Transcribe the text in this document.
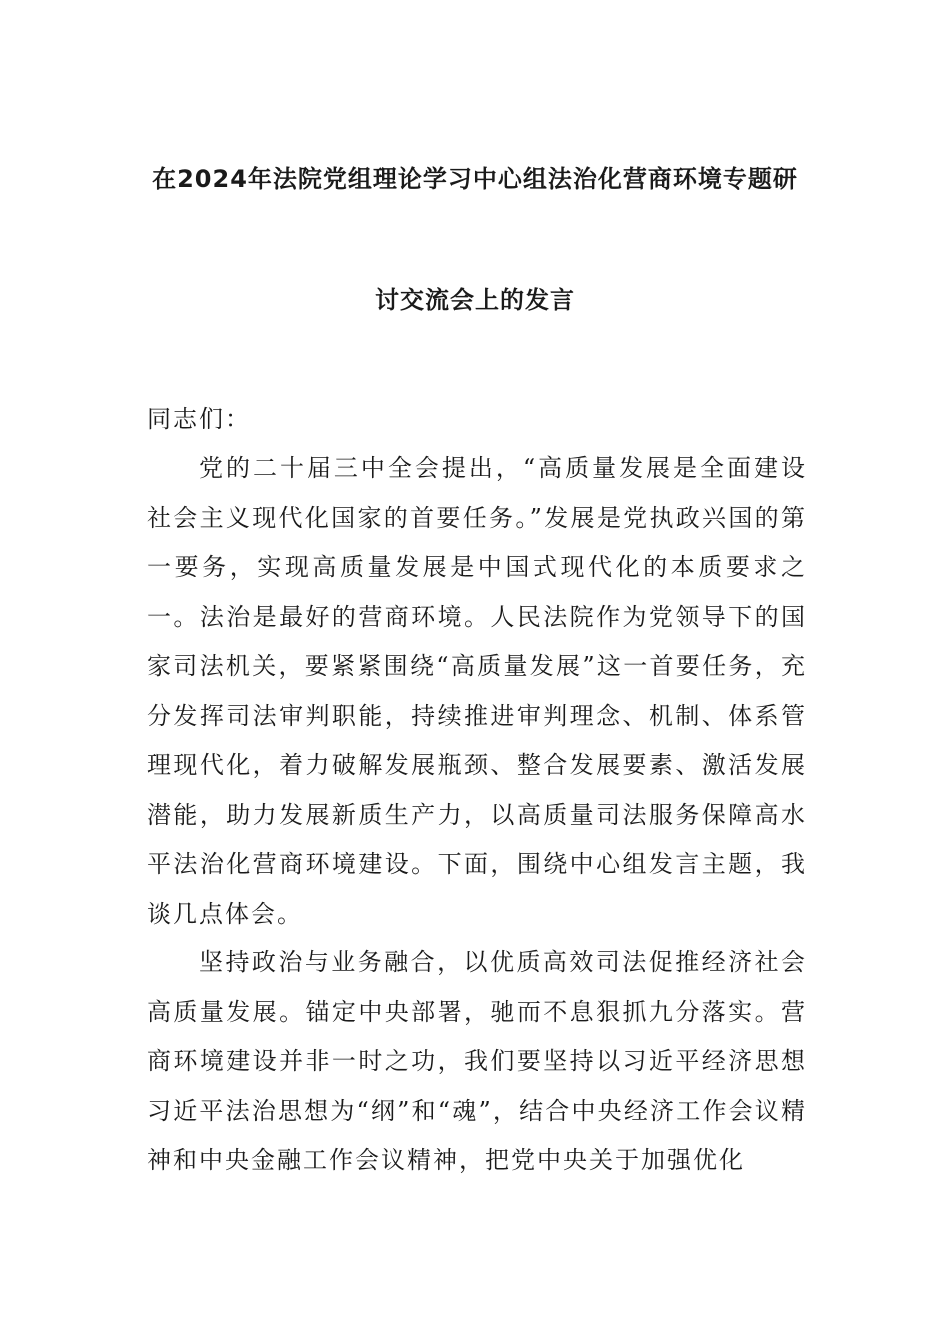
在2024年法院党组理论学习中心组法治化营商环境专题研
讨交流会上的发言
同志们：

党的二十届三中全会提出，“高质量发展是全面建设社会主义现代化国家的首要任务。”发展是党执政兴国的第一要务，实现高质量发展是中国式现代化的本质要求之一。法治是最好的营商环境。人民法院作为党领导下的国家司法机关，要紧紧围绕“高质量发展”这一首要任务，充分发挥司法审判职能，持续推进审判理念、机制、体系管理现代化，着力破解发展瓶颈、整合发展要素、激活发展潜能，助力发展新质生产力，以高质量司法服务保障高水平法治化营商环境建设。下面，围绕中心组发言主题，我谈几点体会。

坚持政治与业务融合，以优质高效司法促推经济社会高质量发展。锚定中央部署，驰而不息狠抓九分落实。营商环境建设并非一时之功，我们要坚持以习近平经济思想习近平法治思想为“纲”和“魂”，结合中央经济工作会议精神和中央金融工作会议精神，把党中央关于加强优化
